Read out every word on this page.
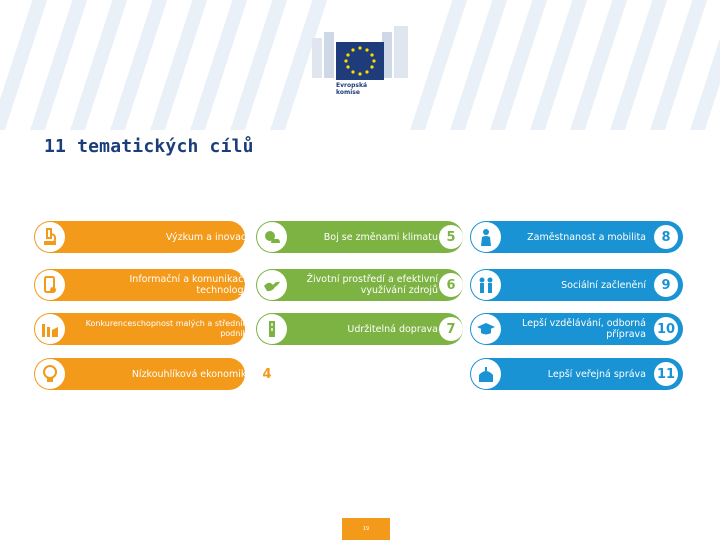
Evropská
komise
11 tematických cílů
Výzkum a inovace
Informační a komunikační technologie
Konkurenceschopnost malých a středních podniků
Nízkouhlíková ekonomika 4
Boj se změnami klimatu 5
Životní prostředí a efektivní využívání zdrojů 6
Udržitelná doprava 7
Zaměstnanost a mobilita	8
Sociální začlenění	9
Lepší vzdělávání, odborná příprava 10
Lepší veřejná správa 11
19
